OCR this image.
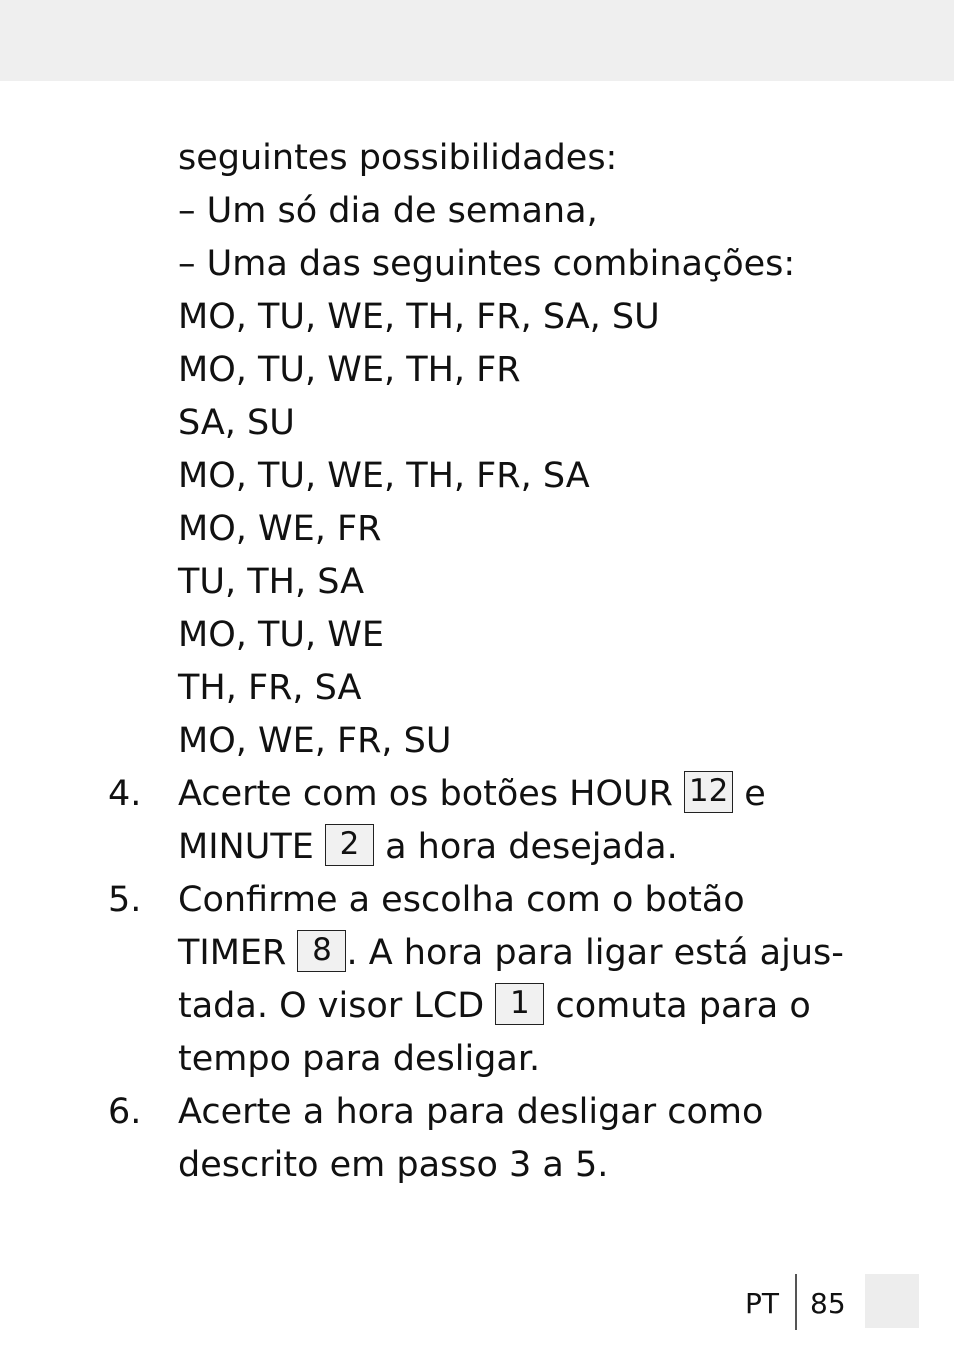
seguintes possibilidades:
– Um só dia de semana,
– Uma das seguintes combinações:
MO, TU, WE, TH, FR, SA, SU
MO, TU, WE, TH, FR
SA, SU
MO, TU, WE, TH, FR, SA
MO, WE, FR
TU, TH, SA
MO, TU, WE
TH, FR, SA
MO, WE, FR, SU
4. Acerte com os botões HOUR 12 e
MINUTE 2 a hora desejada.
5. Confirme a escolha com o botão
TIMER 8 . A hora para ligar está ajus-
tada. O visor LCD 1 comuta para o
tempo para desligar.
6. Acerte a hora para desligar como
descrito em passo 3 a 5.
PT 85
